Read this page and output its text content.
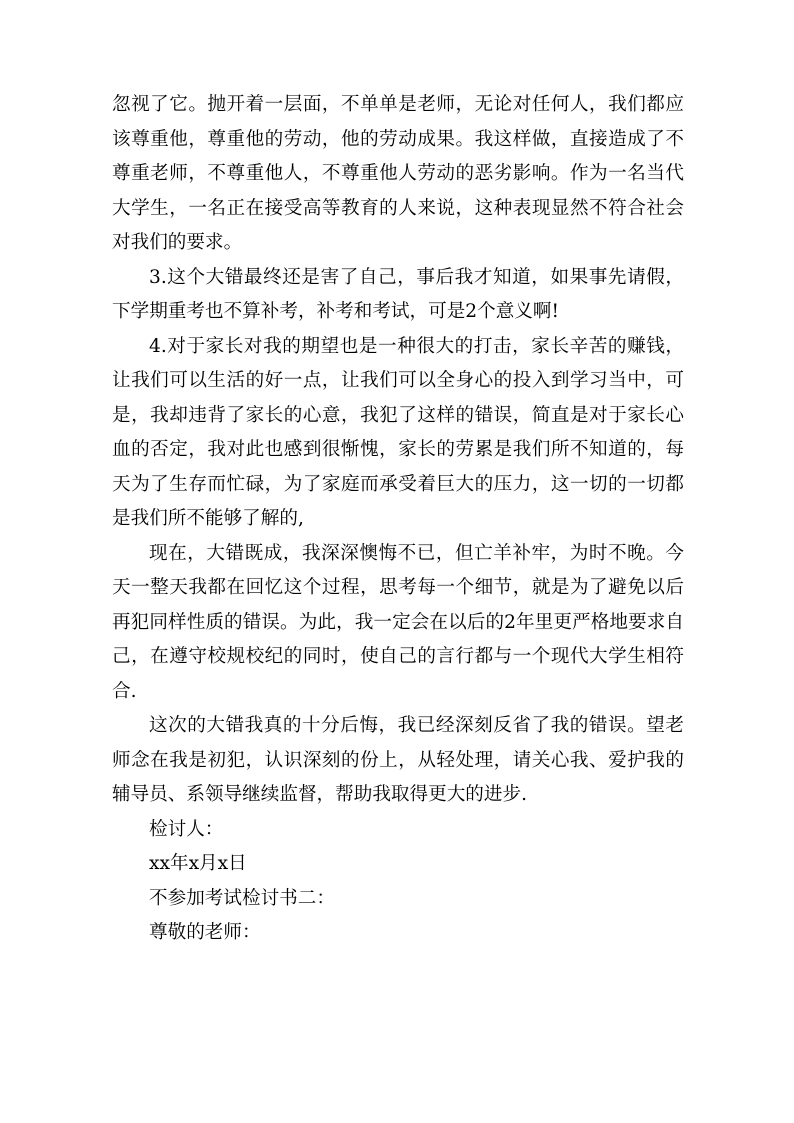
忽视了它。抛开着一层面，不单单是老师，无论对任何人，我们都应该尊重他，尊重他的劳动，他的劳动成果。我这样做，直接造成了不尊重老师，不尊重他人，不尊重他人劳动的恶劣影响。作为一名当代大学生，一名正在接受高等教育的人来说，这种表现显然不符合社会对我们的要求。

3.这个大错最终还是害了自己，事后我才知道，如果事先请假，下学期重考也不算补考，补考和考试，可是2个意义啊!

4.对于家长对我的期望也是一种很大的打击，家长辛苦的赚钱，让我们可以生活的好一点，让我们可以全身心的投入到学习当中，可是，我却违背了家长的心意，我犯了这样的错误，简直是对于家长心血的否定，我对此也感到很惭愧，家长的劳累是我们所不知道的，每天为了生存而忙碌，为了家庭而承受着巨大的压力，这一切的一切都是我们所不能够了解的,

现在，大错既成，我深深懊悔不已，但亡羊补牢，为时不晚。今天一整天我都在回忆这个过程，思考每一个细节，就是为了避免以后再犯同样性质的错误。为此，我一定会在以后的2年里更严格地要求自己，在遵守校规校纪的同时，使自己的言行都与一个现代大学生相符合.

这次的大错我真的十分后悔，我已经深刻反省了我的错误。望老师念在我是初犯，认识深刻的份上，从轻处理，请关心我、爱护我的辅导员、系领导继续监督，帮助我取得更大的进步.

检讨人：

xx年x月x日

不参加考试检讨书二：

尊敬的老师：
